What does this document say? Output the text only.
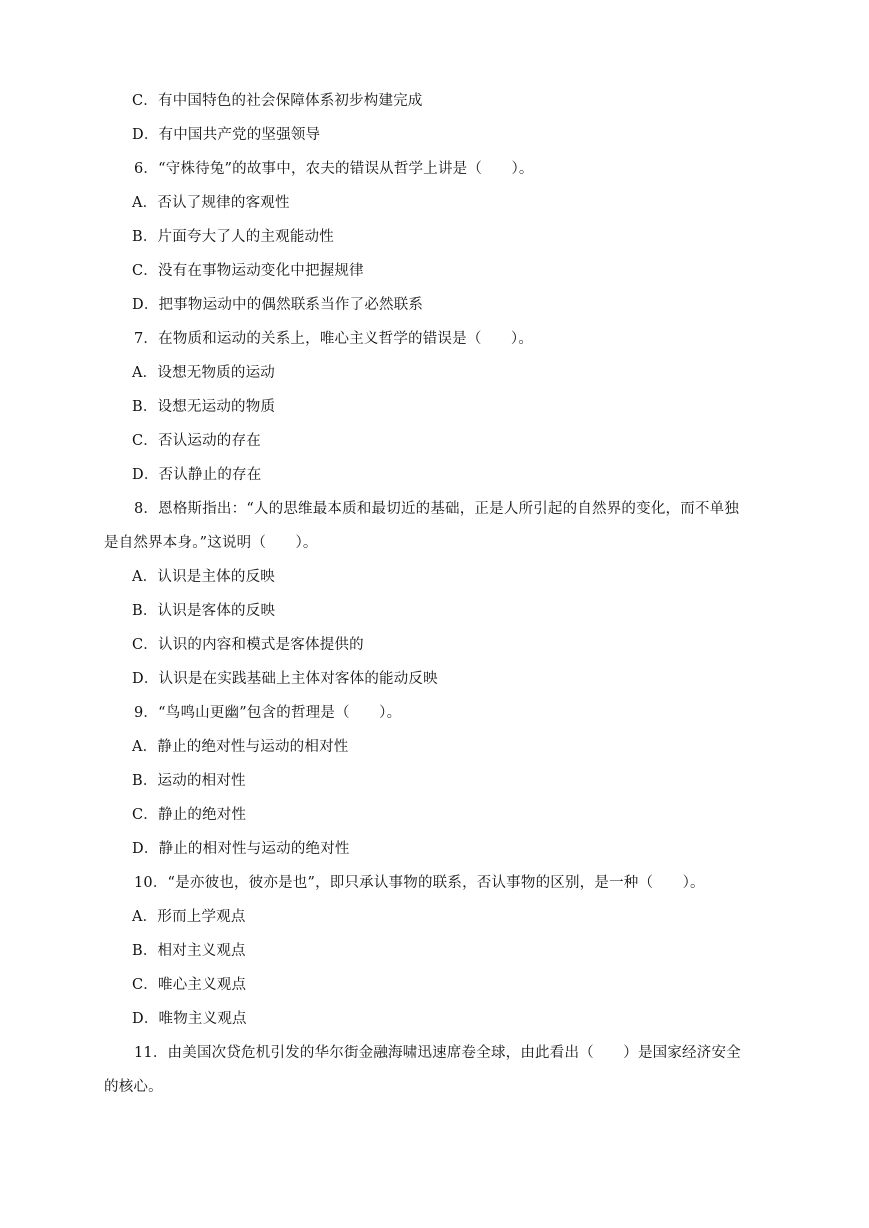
C．有中国特色的社会保障体系初步构建完成
D．有中国共产党的坚强领导
6．“守株待兔”的故事中，农夫的错误从哲学上讲是（　　）。
A．否认了规律的客观性
B．片面夸大了人的主观能动性
C．没有在事物运动变化中把握规律
D．把事物运动中的偶然联系当作了必然联系
7．在物质和运动的关系上，唯心主义哲学的错误是（　　）。
A．设想无物质的运动
B．设想无运动的物质
C．否认运动的存在
D．否认静止的存在
8．恩格斯指出：“人的思维最本质和最切近的基础，正是人所引起的自然界的变化，而不单独
是自然界本身。”这说明（　　）。
A．认识是主体的反映
B．认识是客体的反映
C．认识的内容和模式是客体提供的
D．认识是在实践基础上主体对客体的能动反映
9．“鸟鸣山更幽”包含的哲理是（　　）。
A．静止的绝对性与运动的相对性
B．运动的相对性
C．静止的绝对性
D．静止的相对性与运动的绝对性
10．“是亦彼也，彼亦是也”，即只承认事物的联系，否认事物的区别，是一种（　　）。
A．形而上学观点
B．相对主义观点
C．唯心主义观点
D．唯物主义观点
11．由美国次贷危机引发的华尔街金融海啸迅速席卷全球，由此看出（　　）是国家经济安全
的核心。
